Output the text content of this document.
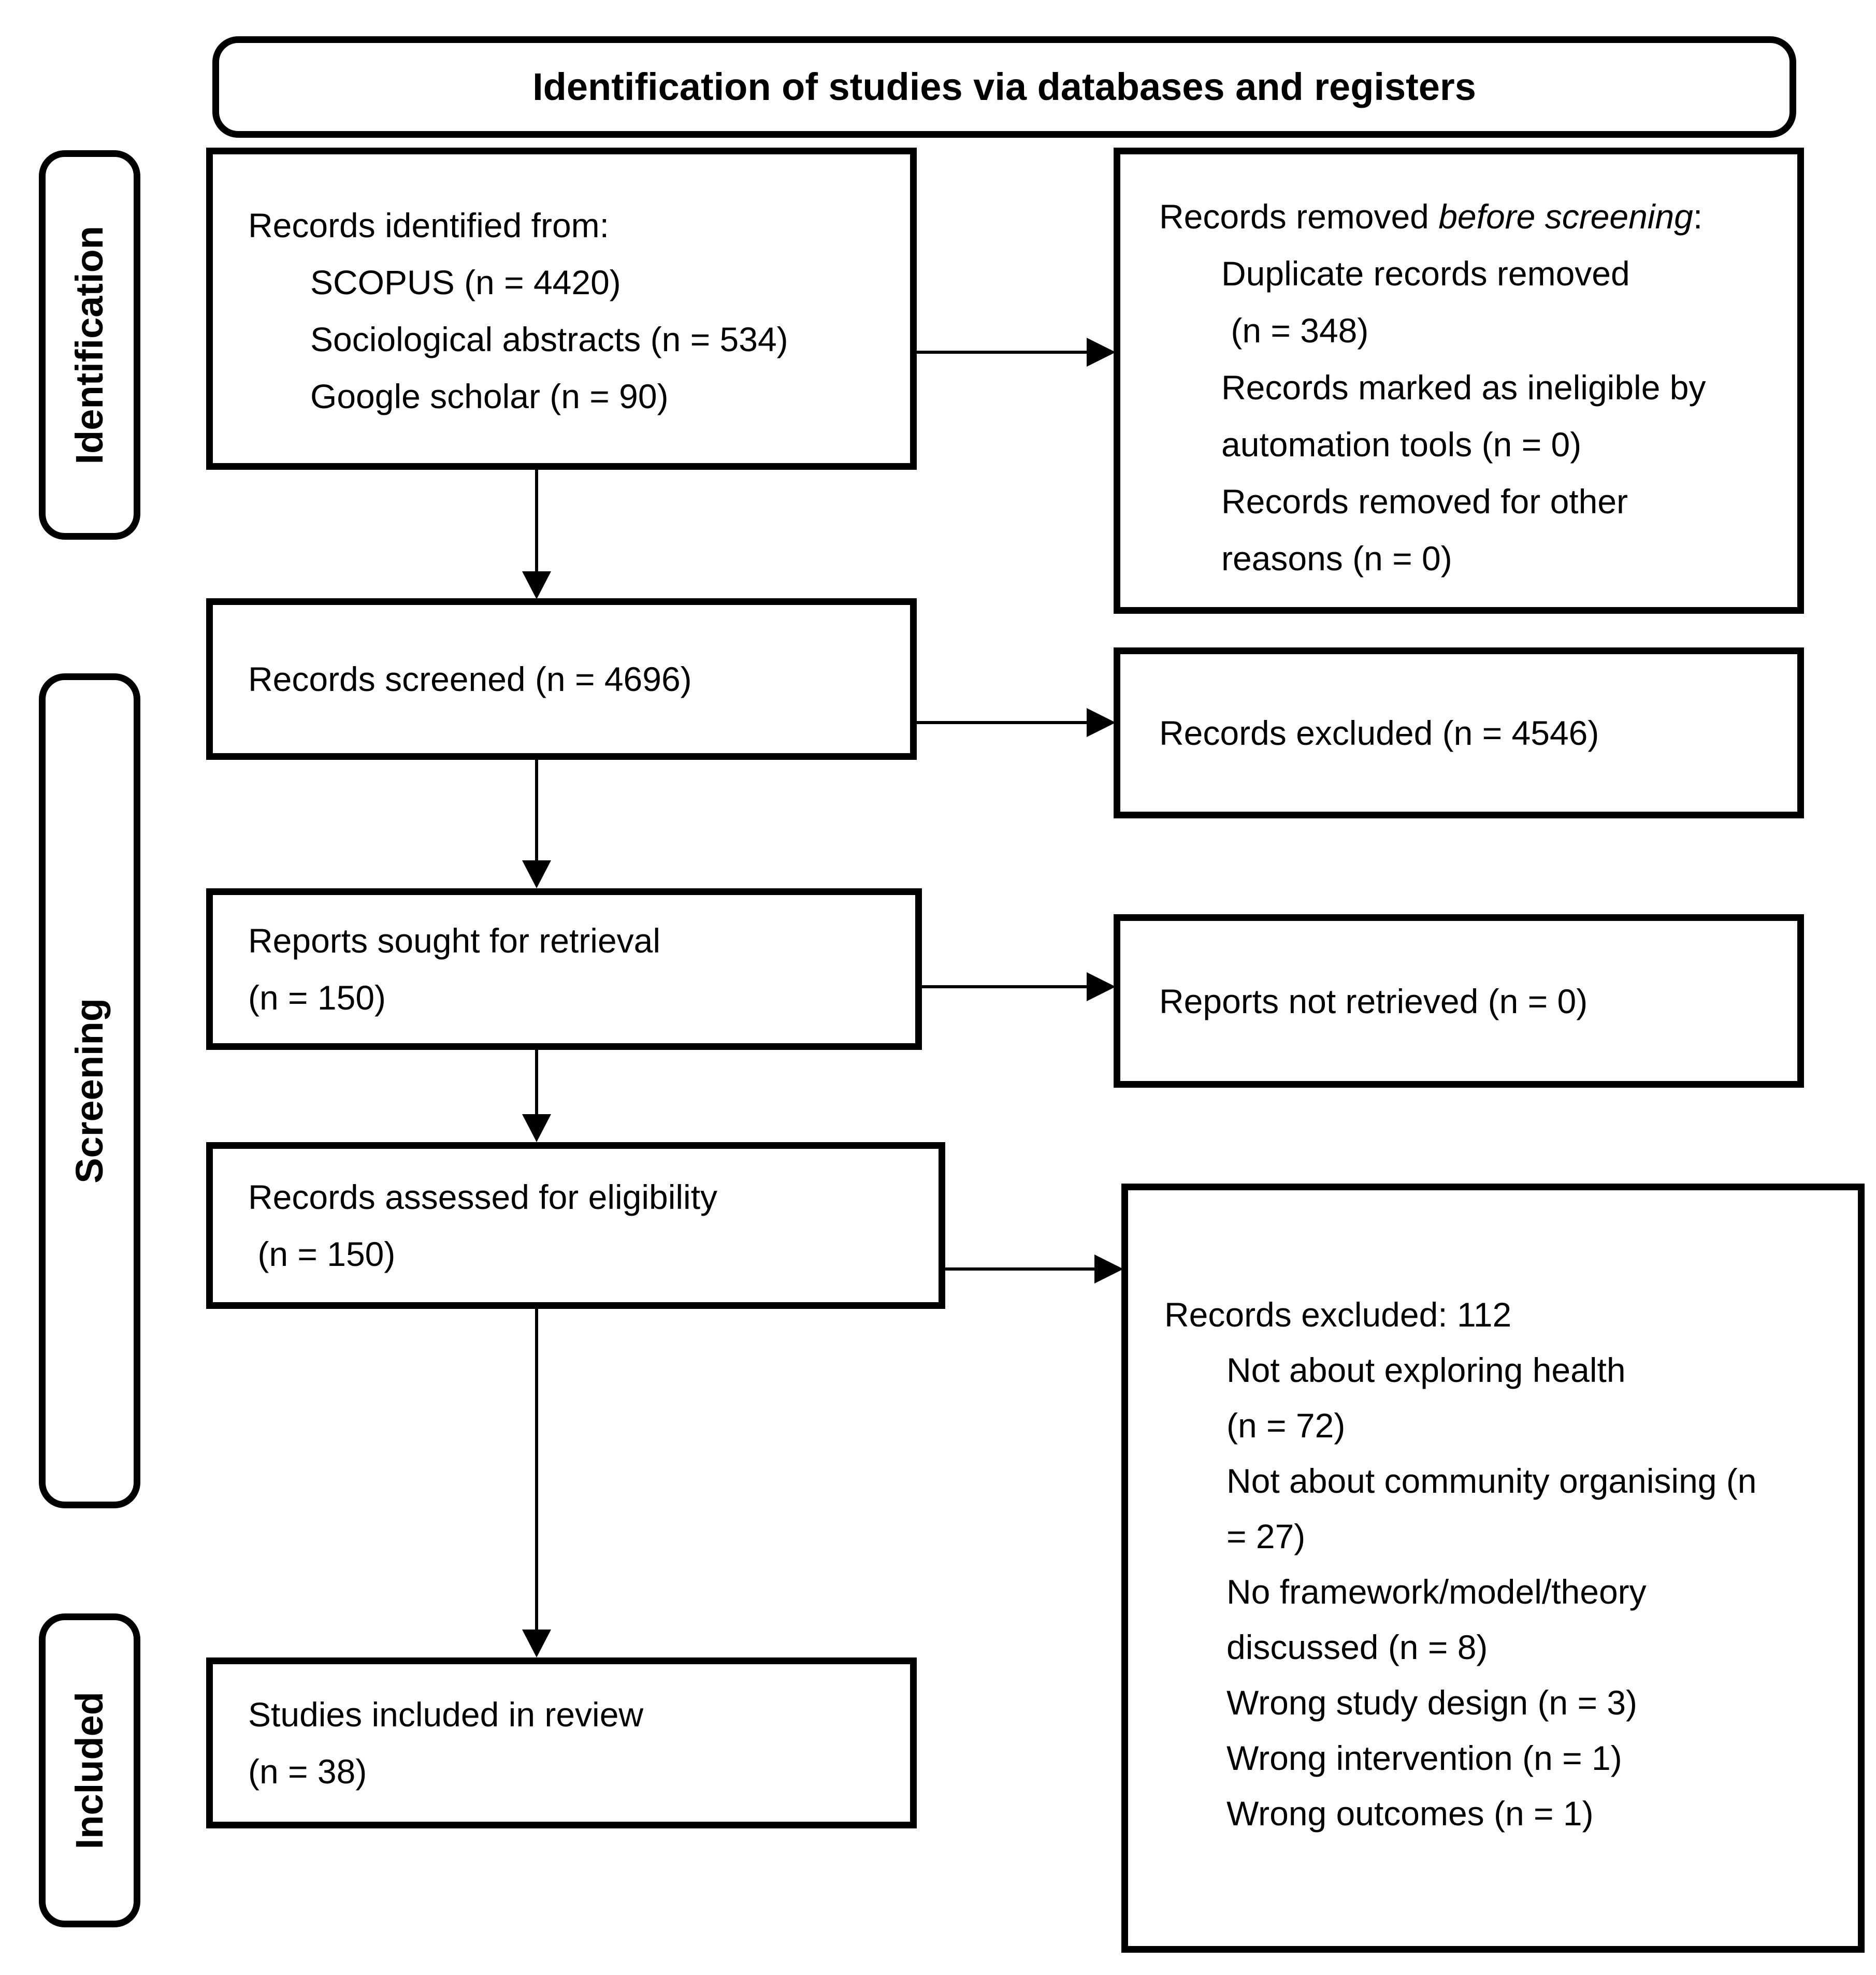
Identification of studies via databases and registers
Identification
Screening
Included
Records identified from:
SCOPUS (n = 4420)
Sociological abstracts (n = 534)
Google scholar (n = 90)
Records removed before screening:
Duplicate records removed
(n = 348)
Records marked as ineligible by
automation tools (n = 0)
Records removed for other
reasons (n = 0)
Records screened (n = 4696)
Records excluded (n = 4546)
Reports sought for retrieval
(n = 150)	Reports not retrieved (n = 0)
Records assessed for eligibility
(n = 150)
Records excluded: 112
Not about exploring health
(n = 72)
Not about community organising (n
= 27)
No framework/model/theory
discussed (n = 8)
Wrong study design (n = 3)
Wrong intervention (n = 1)
Wrong outcomes (n = 1)
Studies included in review
(n = 38)
